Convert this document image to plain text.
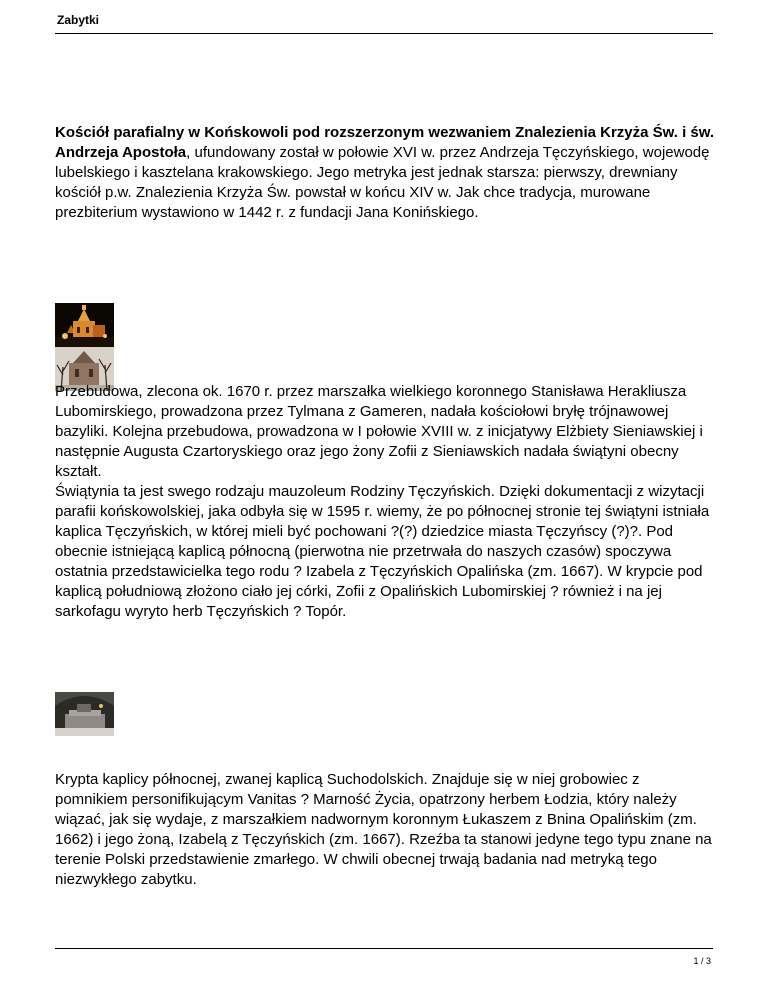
Zabytki

Kościół parafialny w Końskowoli pod rozszerzonym wezwaniem Znalezienia Krzyża Św. i św. Andrzeja Apostoła, ufundowany został w połowie XVI w. przez Andrzeja Tęczyńskiego, wojewodę lubelskiego i kasztelana krakowskiego. Jego metryka jest jednak starsza: pierwszy, drewniany kościół p.w. Znalezienia Krzyża Św. powstał w końcu XIV w. Jak chce tradycja, murowane prezbiterium wystawiono w 1442 r. z fundacji Jana Konińskiego.

Przebudowa, zlecona ok. 1670 r. przez marszałka wielkiego koronnego Stanisława Herakliusza Lubomirskiego, prowadzona przez Tylmana z Gameren, nadała kościołowi bryłę trójnawowej bazyliki. Kolejna przebudowa, prowadzona w I połowie XVIII w. z inicjatywy Elżbiety Sieniawskiej i następnie Augusta Czartoryskiego oraz jego żony Zofii z Sieniawskich nadała świątyni obecny kształt.
Świątynia ta jest swego rodzaju mauzoleum Rodziny Tęczyńskich. Dzięki dokumentacji z wizytacji parafii końskowolskiej, jaka odbyła się w 1595 r. wiemy, że po północnej stronie tej świątyni istniała kaplica Tęczyńskich, w której mieli być pochowani ?(?) dziedzice miasta Tęczyńscy (?)?. Pod obecnie istniejącą kaplicą północną (pierwotna nie przetrwała do naszych czasów) spoczywa ostatnia przedstawicielka tego rodu ? Izabela z Tęczyńskich Opalińska (zm. 1667). W krypcie pod kaplicą południową złożono ciało jej córki, Zofii z Opalińskich Lubomirskiej ? również i na jej sarkofagu wyryto herb Tęczyńskich ? Topór.

Krypta kaplicy północnej, zwanej kaplicą Suchodolskich. Znajduje się w niej grobowiec z pomnikiem personifikującym Vanitas ? Marność Życia, opatrzony herbem Łodzia, który należy wiązać, jak się wydaje, z marszałkiem nadwornym koronnym Łukaszem z Bnina Opalińskim (zm. 1662) i jego żoną, Izabelą z Tęczyńskich (zm. 1667). Rzeźba ta stanowi jedyne tego typu znane na terenie Polski przedstawienie zmarłego. W chwili obecnej trwają badania nad metryką tego niezwykłego zabytku.

1 / 3
